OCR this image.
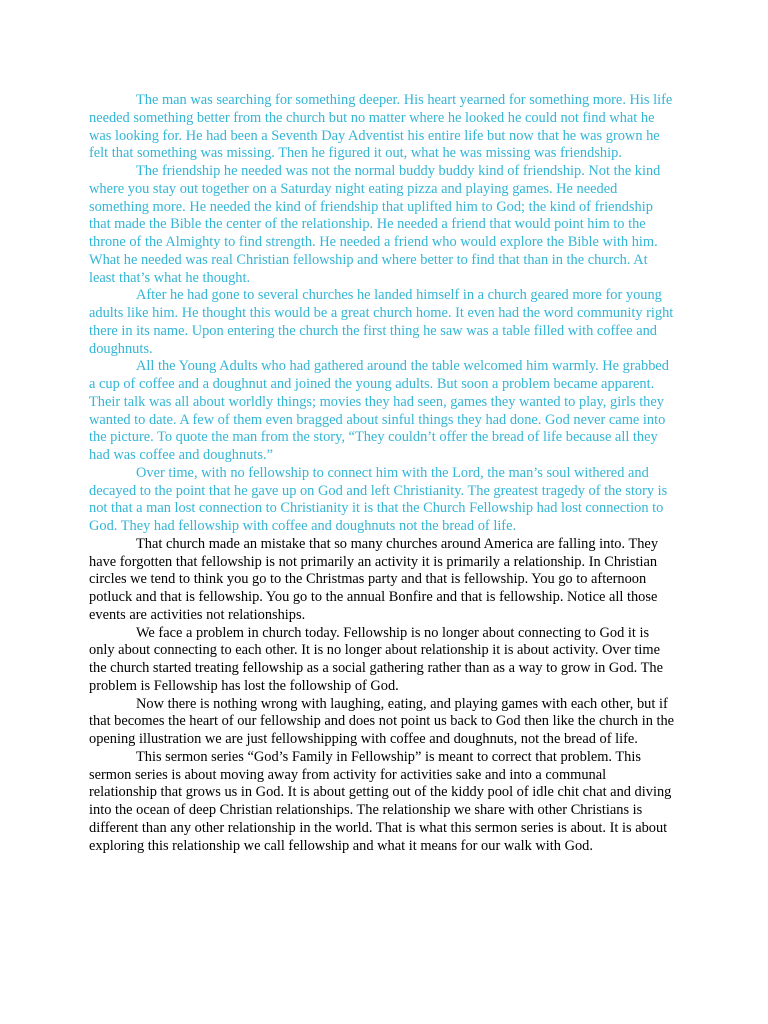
The man was searching for something deeper. His heart yearned for something more. His life needed something better from the church but no matter where he looked he could not find what he was looking for. He had been a Seventh Day Adventist his entire life but now that he was grown he felt that something was missing. Then he figured it out, what he was missing was friendship.

The friendship he needed was not the normal buddy buddy kind of friendship. Not the kind where you stay out together on a Saturday night eating pizza and playing games. He needed something more. He needed the kind of friendship that uplifted him to God; the kind of friendship that made the Bible the center of the relationship. He needed a friend that would point him to the throne of the Almighty to find strength. He needed a friend who would explore the Bible with him. What he needed was real Christian fellowship and where better to find that than in the church. At least that’s what he thought.

After he had gone to several churches he landed himself in a church geared more for young adults like him. He thought this would be a great church home. It even had the word community right there in its name. Upon entering the church the first thing he saw was a table filled with coffee and doughnuts.

All the Young Adults who had gathered around the table welcomed him warmly. He grabbed a cup of coffee and a doughnut and joined the young adults. But soon a problem became apparent. Their talk was all about worldly things; movies they had seen, games they wanted to play, girls they wanted to date. A few of them even bragged about sinful things they had done. God never came into the picture. To quote the man from the story, “They couldn’t offer the bread of life because all they had was coffee and doughnuts.”

Over time, with no fellowship to connect him with the Lord, the man’s soul withered and decayed to the point that he gave up on God and left Christianity. The greatest tragedy of the story is not that a man lost connection to Christianity it is that the Church Fellowship had lost connection to God. They had fellowship with coffee and doughnuts not the bread of life.

That church made an mistake that so many churches around America are falling into. They have forgotten that fellowship is not primarily an activity it is primarily a relationship. In Christian circles we tend to think you go to the Christmas party and that is fellowship. You go to afternoon potluck and that is fellowship. You go to the annual Bonfire and that is fellowship. Notice all those events are activities not relationships.

We face a problem in church today. Fellowship is no longer about connecting to God it is only about connecting to each other. It is no longer about relationship it is about activity. Over time the church started treating fellowship as a social gathering rather than as a way to grow in God. The problem is Fellowship has lost the followship of God.

Now there is nothing wrong with laughing, eating, and playing games with each other, but if that becomes the heart of our fellowship and does not point us back to God then like the church in the opening illustration we are just fellowshipping with coffee and doughnuts, not the bread of life.

This sermon series “God’s Family in Fellowship” is meant to correct that problem. This sermon series is about moving away from activity for activities sake and into a communal relationship that grows us in God. It is about getting out of the kiddy pool of idle chit chat and diving into the ocean of deep Christian relationships. The relationship we share with other Christians is different than any other relationship in the world. That is what this sermon series is about. It is about exploring this relationship we call fellowship and what it means for our walk with God.
